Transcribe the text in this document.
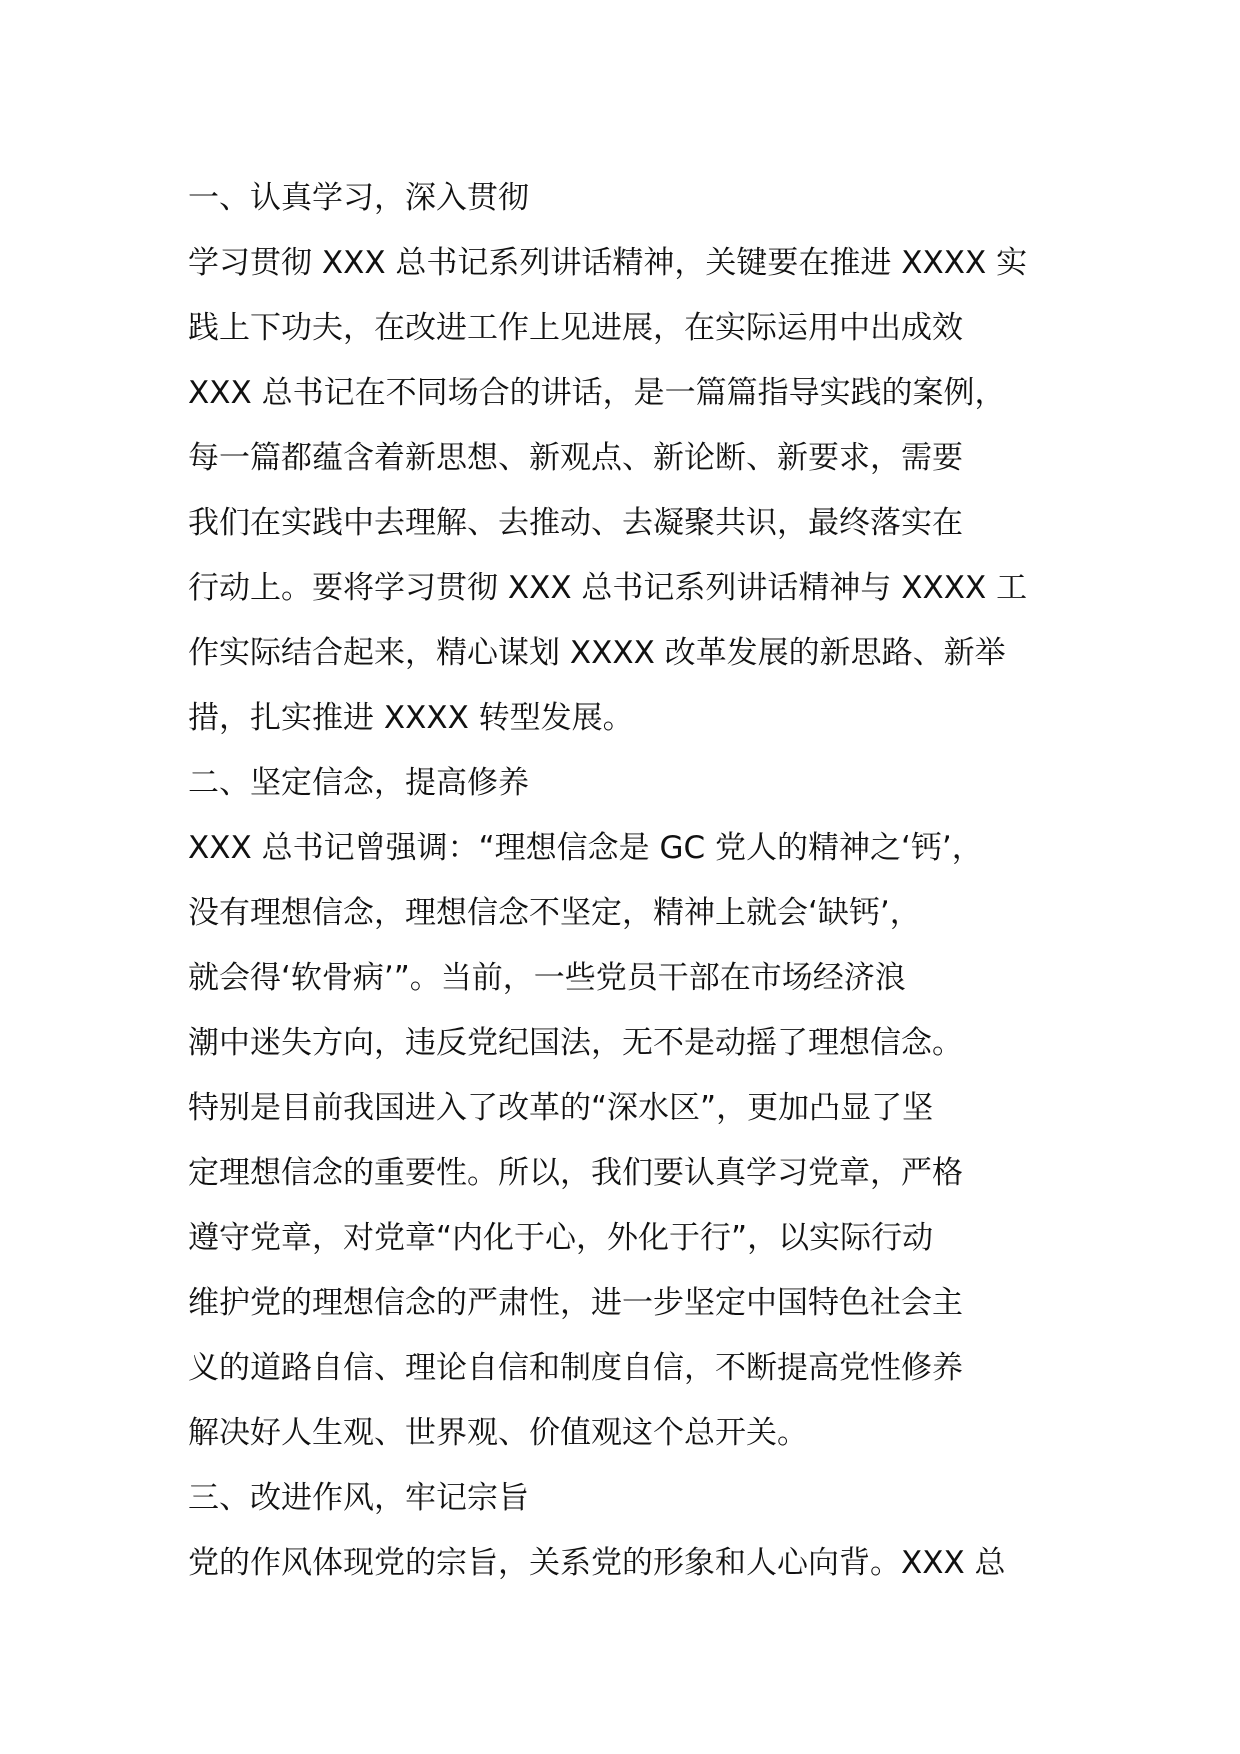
一、认真学习，深入贯彻
学习贯彻 XXX 总书记系列讲话精神，关键要在推进 XXXX 实
践上下功夫，在改进工作上见进展，在实际运用中出成效
XXX 总书记在不同场合的讲话，是一篇篇指导实践的案例，
每一篇都蕴含着新思想、新观点、新论断、新要求，需要
我们在实践中去理解、去推动、去凝聚共识，最终落实在
行动上。要将学习贯彻 XXX 总书记系列讲话精神与 XXXX 工
作实际结合起来，精心谋划 XXXX 改革发展的新思路、新举
措，扎实推进 XXXX 转型发展。
二、坚定信念，提高修养
XXX 总书记曾强调：“理想信念是 GC 党人的精神之‘钙’，
没有理想信念，理想信念不坚定，精神上就会‘缺钙’，
就会得‘软骨病’”。当前，一些党员干部在市场经济浪
潮中迷失方向，违反党纪国法，无不是动摇了理想信念。
特别是目前我国进入了改革的“深水区”，更加凸显了坚
定理想信念的重要性。所以，我们要认真学习党章，严格
遵守党章，对党章“内化于心，外化于行”，以实际行动
维护党的理想信念的严肃性，进一步坚定中国特色社会主
义的道路自信、理论自信和制度自信，不断提高党性修养
解决好人生观、世界观、价值观这个总开关。
三、改进作风，牢记宗旨
党的作风体现党的宗旨，关系党的形象和人心向背。XXX 总
